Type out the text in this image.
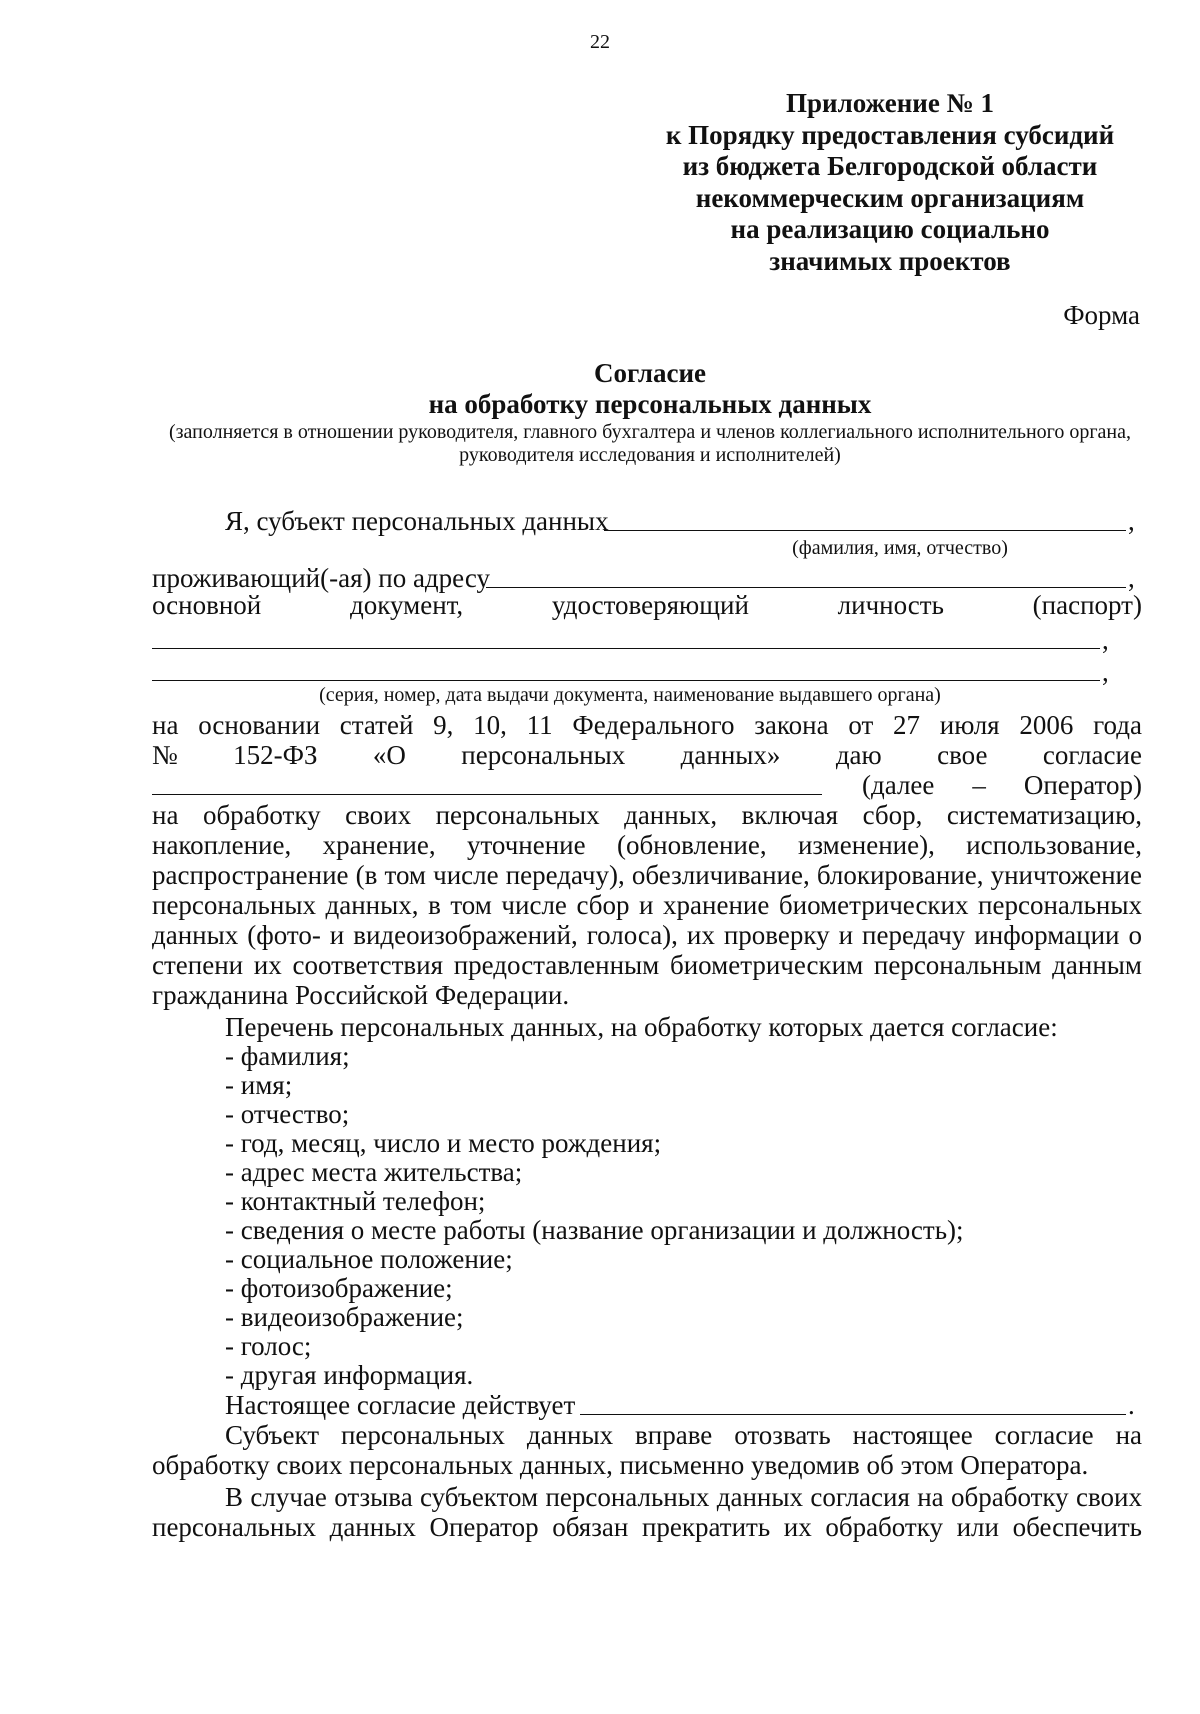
22
Приложение № 1
к Порядку предоставления субсидий
из бюджета Белгородской области
некоммерческим организациям
на реализацию социально
значимых проектов
Форма
Согласие
на обработку персональных данных
(заполняется в отношении руководителя, главного бухгалтера и членов коллегиального исполнительного органа,
руководителя исследования и исполнителей)
Я, субъект персональных данных	,
(фамилия, имя, отчество)
проживающий(-ая) по адресу	,
основной	документ,	удостоверяющий	личность	(паспорт)
,
,
(серия, номер, дата выдачи документа, наименование выдавшего органа)
на основании статей 9, 10, 11 Федерального закона от 27 июля 2006 года
№ 152-ФЗ «О персональных данных» даю свое согласие
(далее – Оператор)
на обработку своих персональных данных, включая сбор, систематизацию, накопление, хранение, уточнение (обновление, изменение), использование, распространение (в том числе передачу), обезличивание, блокирование, уничтожение персональных данных, в том числе сбор и хранение биометрических персональных данных (фото- и видеоизображений, голоса), их проверку и передачу информации о степени их соответствия предоставленным биометрическим персональным данным гражданина Российской Федерации.
Перечень персональных данных, на обработку которых дается согласие:
- фамилия;
- имя;
- отчество;
- год, месяц, число и место рождения;
- адрес места жительства;
- контактный телефон;
- сведения о месте работы (название организации и должность);
- социальное положение;
- фотоизображение;
- видеоизображение;
- голос;
- другая информация.
Настоящее согласие действует	.
Субъект персональных данных вправе отозвать настоящее согласие на обработку своих персональных данных, письменно уведомив об этом Оператора.
В случае отзыва субъектом персональных данных согласия на обработку своих персональных данных Оператор обязан прекратить их обработку или обеспечить
